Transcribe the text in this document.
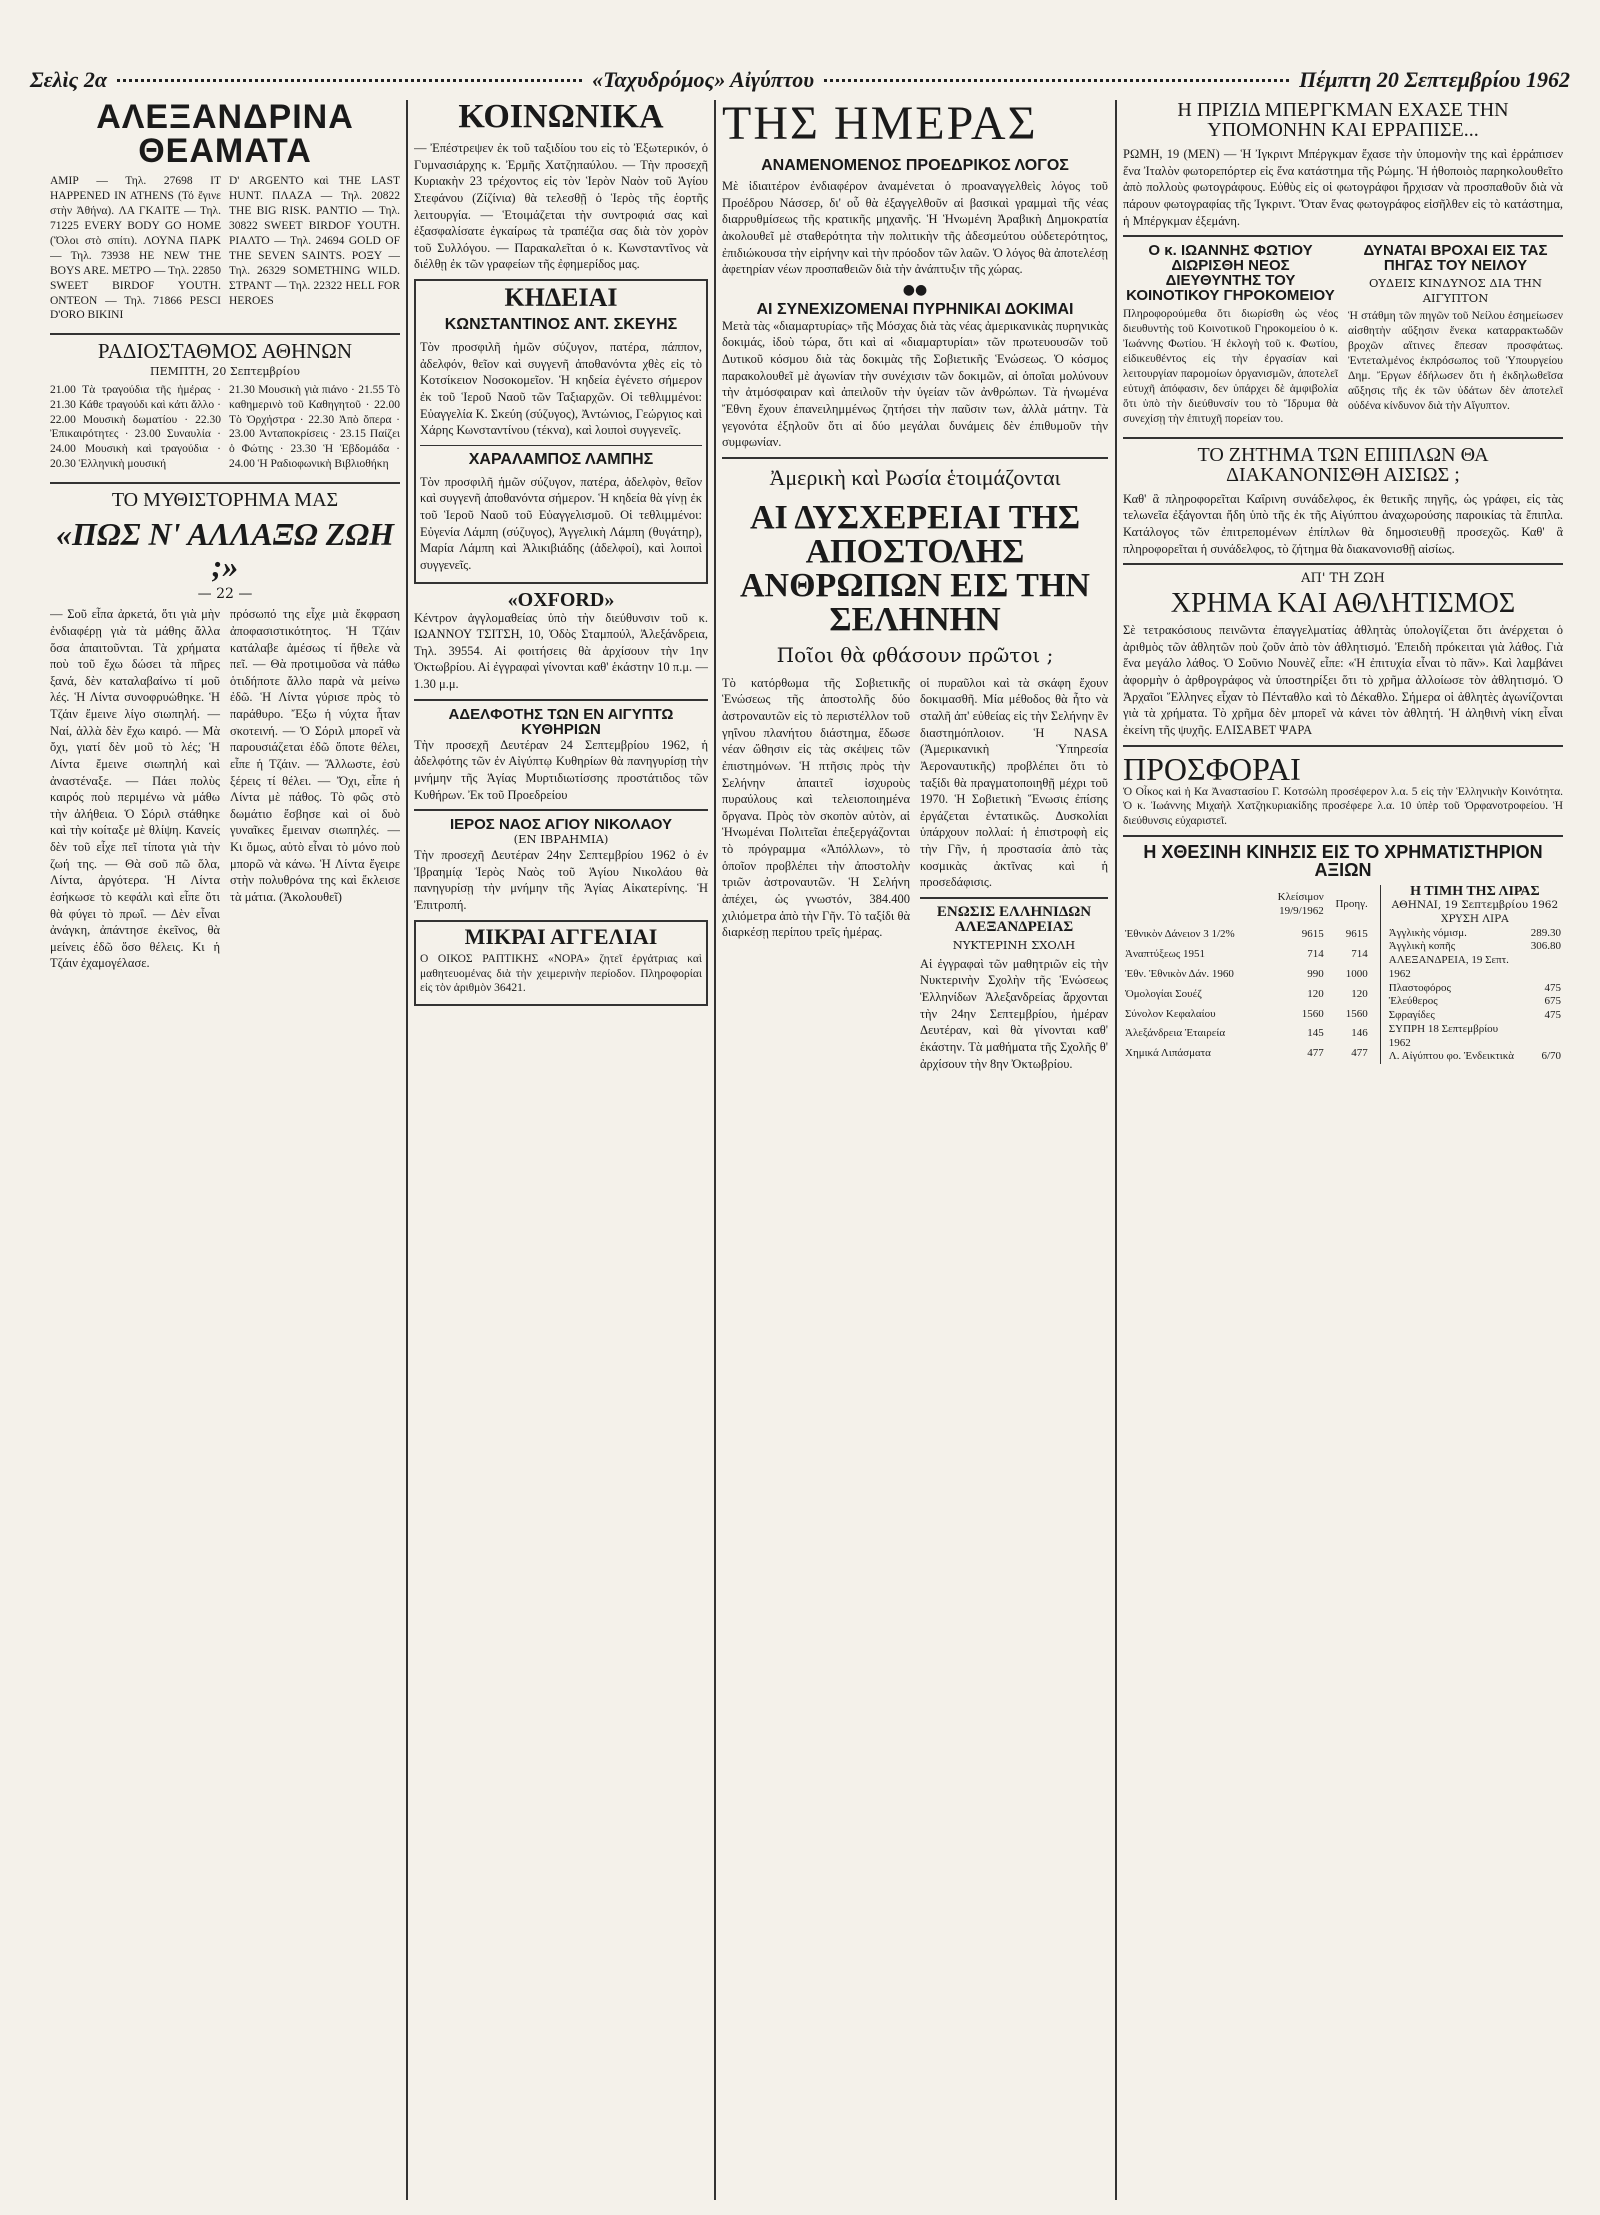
Σελὶς 2α	«Ταχυδρόμος» Αἰγύπτου	Πέμπτη 20 Σεπτεμβρίου 1962
ΑΛΕΞΑΝΔΡΙΝΑ ΘΕΑΜΑΤΑ

ΑΜΙΡ — Τηλ. 27698 IT HAPPENED IN ATHENS (Τό ἔγινε στὴν Ἀθήνα). ΛΑ ΓΚΑΙΤΕ — Τηλ. 71225 EVERY BODY GO HOME (Ὅλοι στὸ σπίτι). ΛΟΥΝΑ ΠΑΡΚ — Τηλ. 73938 HE NEW THE BOYS ARE. ΜΕΤΡΟ — Τηλ. 22850 SWEET BIRDOF YOUTH. ΟΝΤΕΟΝ — Τηλ. 71866 PESCI D'ORO BIKINI

D' ARGENTO καὶ THE LAST HUNT. ΠΛΑΖΑ — Τηλ. 20822 THE BIG RISK. ΡΑΝΤΙΟ — Τηλ. 30822 SWEET BIRDOF YOUTH. ΡΙΑΛΤΟ — Τηλ. 24694 GOLD OF THE SEVEN SAINTS. ΡΟΞΥ — Τηλ. 26329 SOMETHING WILD. ΣΤΡΑΝΤ — Τηλ. 22322 HELL FOR HEROES

ΡΑΔΙΟΣΤΑΘΜΟΣ ΑΘΗΝΩΝ
ΠΕΜΠΤΗ, 20 Σεπτεμβρίου

21.00 Τὰ τραγούδια τῆς ἡμέρας · 21.30 Κάθε τραγούδι καὶ κάτι ἄλλο · 22.00 Μουσικὴ δωματίου · 22.30 Ἐπικαιρότητες · 23.00 Συναυλία · 24.00 Μουσικὴ καὶ τραγούδια · 20.30 Ἑλληνικὴ μουσική

21.30 Μουσικὴ γιὰ πιάνο · 21.55 Τὸ καθημερινὸ τοῦ Καθηγητοῦ · 22.00 Τὸ Ὀρχήστρα · 22.30 Ἀπὸ ὅπερα · 23.00 Ἀνταποκρίσεις · 23.15 Παίζει ὁ Φώτης · 23.30 Ἡ Ἑβδομάδα · 24.00 Ἡ Ραδιοφωνικὴ Βιβλιοθήκη

ΤΟ ΜΥΘΙΣΤΟΡΗΜΑ ΜΑΣ
«ΠΩΣ Ν' ΑΛΛΑΞΩ ΖΩΗ ;»
— 22 —

— Σοῦ εἶπα ἀρκετά, ὅτι γιὰ μὴν ἐνδιαφέρῃ γιὰ τὰ μάθης ἄλλα ὅσα ἀπαιτοῦνται. Τὰ χρήματα ποὺ τοῦ ἔχω δώσει τὰ πῆρες ξανά, δὲν καταλαβαίνω τί μοῦ λές. Ἡ Λίντα συνοφρυώθηκε. Ἡ Τζάιν ἔμεινε λίγο σιωπηλή. — Ναί, ἀλλὰ δὲν ἔχω καιρό. — Μὰ ὄχι, γιατί δὲν μοῦ τὸ λές; Ἡ Λίντα ἔμεινε σιωπηλή καὶ ἀναστέναξε. — Πάει πολὺς καιρός ποὺ περιμένω νὰ μάθω τὴν ἀλήθεια. Ὁ Σόριλ στάθηκε καὶ τὴν κοίταξε μὲ θλίψη. Κανείς δὲν τοῦ εἶχε πεῖ τίποτα γιὰ τὴν ζωή της. — Θὰ σοῦ πῶ ὅλα, Λίντα, ἀργότερα. Ἡ Λίντα ἐσήκωσε τὸ κεφάλι καὶ εἶπε ὅτι θὰ φύγει τὸ πρωΐ. — Δὲν εἶναι ἀνάγκη, ἀπάντησε ἐκεῖνος, θὰ μείνεις ἐδῶ ὅσο θέλεις. Κι ἡ Τζάιν ἐχαμογέλασε.

πρόσωπό της εἶχε μιὰ ἔκφραση ἀποφασιστικότητος. Ἡ Τζάιν κατάλαβε ἀμέσως τί ἤθελε νὰ πεῖ. — Θὰ προτιμοῦσα νὰ πάθω ὁτιδήποτε ἄλλο παρὰ νὰ μείνω ἐδῶ. Ἡ Λίντα γύρισε πρὸς τὸ παράθυρο. Ἔξω ἡ νύχτα ἦταν σκοτεινή. — Ὁ Σόριλ μπορεῖ νὰ παρουσιάζεται ἐδῶ ὅποτε θέλει, εἶπε ἡ Τζάιν. — Ἄλλωστε, ἐσὺ ξέρεις τί θέλει. — Ὄχι, εἶπε ἡ Λίντα μὲ πάθος. Τὸ φῶς στὸ δωμάτιο ἔσβησε καὶ οἱ δυὸ γυναῖκες ἔμειναν σιωπηλές. — Κι ὅμως, αὐτὸ εἶναι τὸ μόνο ποὺ μπορῶ νὰ κάνω. Ἡ Λίντα ἔγειρε στὴν πολυθρόνα της καὶ ἔκλεισε τὰ μάτια. (Ἀκολουθεῖ)

ΚΟΙΝΩΝΙΚΑ

— Ἐπέστρεψεν ἐκ τοῦ ταξιδίου του εἰς τὸ Ἐξωτερικόν, ὁ Γυμνασιάρχης κ. Ἐρμῆς Χατζηπαύλου. — Τὴν προσεχῆ Κυριακὴν 23 τρέχοντος εἰς τὸν Ἱερὸν Ναὸν τοῦ Ἁγίου Στεφάνου (Ζίζίνια) θὰ τελεσθῇ ὁ Ἱερὸς τῆς ἑορτῆς λειτουργία. — Ἑτοιμάζεται τὴν συντροφιά σας καὶ ἐξασφαλίσατε ἐγκαίρως τὰ τραπέζια σας διὰ τὸν χορὸν τοῦ Συλλόγου. — Παρακαλεῖται ὁ κ. Κωνσταντῖνος νὰ διέλθῃ ἐκ τῶν γραφείων τῆς ἐφημερίδος μας.

ΚΗΔΕΙΑΙ
ΚΩΝΣΤΑΝΤΙΝΟΣ ΑΝΤ. ΣΚΕΥΗΣ

Τὸν προσφιλῆ ἡμῶν σύζυγον, πατέρα, πάππον, ἀδελφόν, θεῖον καὶ συγγενῆ ἀποθανόντα χθὲς εἰς τὸ Κοτσίκειον Νοσοκομεῖον. Ἡ κηδεία ἐγένετο σήμερον ἐκ τοῦ Ἱεροῦ Ναοῦ τῶν Ταξιαρχῶν. Οἱ τεθλιμμένοι: Εὐαγγελία Κ. Σκεύη (σύζυγος), Ἀντώνιος, Γεώργιος καὶ Χάρης Κωνσταντίνου (τέκνα), καὶ λοιποὶ συγγενεῖς.

ΧΑΡΑΛΑΜΠΟΣ ΛΑΜΠΗΣ

Τὸν προσφιλῆ ἡμῶν σύζυγον, πατέρα, ἀδελφὸν, θεῖον καὶ συγγενῆ ἀποθανόντα σήμερον. Ἡ κηδεία θὰ γίνῃ ἐκ τοῦ Ἱεροῦ Ναοῦ τοῦ Εὐαγγελισμοῦ. Οἱ τεθλιμμένοι: Εὐγενία Λάμπη (σύζυγος), Ἀγγελικὴ Λάμπη (θυγάτηρ), Μαρία Λάμπη καὶ Ἀλικιβιάδης (ἀδελφοί), καὶ λοιποὶ συγγενεῖς.

«OXFORD»

Κέντρον ἀγγλομαθείας ὑπὸ τὴν διεύθυνσιν τοῦ κ. ΙΩΑΝΝΟΥ ΤΣΙΤΣΗ, 10, Ὁδὸς Σταμπούλ, Ἀλεξάνδρεια, Τηλ. 39554. Αἱ φοιτήσεις θὰ ἀρχίσουν τὴν 1ην Ὀκτωβρίου. Αἱ ἐγγραφαὶ γίνονται καθ' ἑκάστην 10 π.μ. — 1.30 μ.μ.

ΑΔΕΛΦΟΤΗΣ ΤΩΝ ΕΝ ΑΙΓΥΠΤΩ ΚΥΘΗΡΙΩΝ

Τὴν προσεχῆ Δευτέραν 24 Σεπτεμβρίου 1962, ἡ ἀδελφότης τῶν ἐν Αἰγύπτῳ Κυθηρίων θὰ πανηγυρίσῃ τὴν μνήμην τῆς Ἁγίας Μυρτιδιωτίσσης προστάτιδος τῶν Κυθήρων. Ἐκ τοῦ Προεδρείου

ΙΕΡΟΣ ΝΑΟΣ ΑΓΙΟΥ ΝΙΚΟΛΑΟΥ
(ΕΝ ΙΒΡΑΗΜΙΑ)

Τὴν προσεχῆ Δευτέραν 24ην Σεπτεμβρίου 1962 ὁ ἐν Ἰβραημίᾳ Ἱερὸς Ναὸς τοῦ Ἁγίου Νικολάου θὰ πανηγυρίσῃ τὴν μνήμην τῆς Ἁγίας Αἰκατερίνης. Ἡ Ἐπιτροπή.

ΜΙΚΡΑΙ ΑΓΓΕΛΙΑΙ

Ο ΟΙΚΟΣ ΡΑΠΤΙΚΗΣ «ΝΟΡΑ» ζητεῖ ἐργάτριας καὶ μαθητευομένας διὰ τὴν χειμερινὴν περίοδον. Πληροφορίαι εἰς τὸν ἀριθμὸν 36421.

ΤΗΣ ΗΜΕΡΑΣ
ΑΝΑΜΕΝΟΜΕΝΟΣ ΠΡΟΕΔΡΙΚΟΣ ΛΟΓΟΣ

Μὲ ἰδιαιτέρον ἐνδιαφέρον ἀναμένεται ὁ προαναγγελθεὶς λόγος τοῦ Προέδρου Νάσσερ, δι' οὗ θὰ ἐξαγγελθοῦν αἱ βασικαὶ γραμμαὶ τῆς νέας διαρρυθμίσεως τῆς κρατικῆς μηχανῆς. Ἡ Ἡνωμένη Ἀραβικὴ Δημοκρατία ἀκολουθεῖ μὲ σταθερότητα τὴν πολιτικὴν τῆς ἀδεσμεύτου οὐδετερότητος, ἐπιδιώκουσα τὴν εἰρήνην καὶ τὴν πρόοδον τῶν λαῶν. Ὁ λόγος θὰ ἀποτελέσῃ ἀφετηρίαν νέων προσπαθειῶν διὰ τὴν ἀνάπτυξιν τῆς χώρας.

●●
ΑΙ ΣΥΝΕΧΙΖΟΜΕΝΑΙ ΠΥΡΗΝΙΚΑΙ ΔΟΚΙΜΑΙ

Μετὰ τὰς «διαμαρτυρίας» τῆς Μόσχας διὰ τὰς νέας ἀμερικανικὰς πυρηνικὰς δοκιμάς, ἰδοὺ τώρα, ὅτι καὶ αἱ «διαμαρτυρίαι» τῶν πρωτευουσῶν τοῦ Δυτικοῦ κόσμου διὰ τὰς δοκιμὰς τῆς Σοβιετικῆς Ἑνώσεως. Ὁ κόσμος παρακολουθεῖ μὲ ἀγωνίαν τὴν συνέχισιν τῶν δοκιμῶν, αἱ ὁποῖαι μολύνουν τὴν ἀτμόσφαιραν καὶ ἀπειλοῦν τὴν ὑγείαν τῶν ἀνθρώπων. Τὰ ἡνωμένα Ἔθνη ἔχουν ἐπανειλημμένως ζητήσει τὴν παῦσιν των, ἀλλὰ μάτην. Τὰ γεγονότα ἐξηλοῦν ὅτι αἱ δύο μεγάλαι δυνάμεις δὲν ἐπιθυμοῦν τὴν συμφωνίαν.

Ἀμερικὴ καὶ Ρωσία ἑτοιμάζονται
ΑΙ ΔΥΣΧΕΡΕΙΑΙ ΤΗΣ ΑΠΟΣΤΟΛΗΣ ΑΝΘΡΩΠΩΝ ΕΙΣ ΤΗΝ ΣΕΛΗΝΗΝ
Ποῖοι θὰ φθάσουν πρῶτοι ;

Τὸ κατόρθωμα τῆς Σοβιετικῆς Ἑνώσεως τῆς ἀποστολῆς δύο ἀστροναυτῶν εἰς τὸ περιστέλλον τοῦ γηΐνου πλανήτου διάστημα, ἔδωσε νέαν ὤθησιν εἰς τὰς σκέψεις τῶν ἐπιστημόνων. Ἡ πτῆσις πρὸς τὴν Σελήνην ἀπαιτεῖ ἰσχυροὺς πυραύλους καὶ τελειοποιημένα ὄργανα. Πρὸς τὸν σκοπὸν αὐτὸν, αἱ Ἡνωμέναι Πολιτεῖαι ἐπεξεργάζονται τὸ πρόγραμμα «Ἀπόλλων», τὸ ὁποῖον προβλέπει τὴν ἀποστολὴν τριῶν ἀστροναυτῶν. Ἡ Σελήνη ἀπέχει, ὡς γνωστόν, 384.400 χιλιόμετρα ἀπὸ τὴν Γῆν. Τὸ ταξίδι θὰ διαρκέσῃ περίπου τρεῖς ἡμέρας.

οἱ πυραῦλοι καὶ τὰ σκάφη ἔχουν δοκιμασθῆ. Μία μέθοδος θὰ ἦτο νὰ σταλῆ ἀπ' εὐθείας εἰς τὴν Σελήνην ἓν διαστημόπλοιον. Ἡ NASA (Ἀμερικανικὴ Ὑπηρεσία Ἀεροναυτικῆς) προβλέπει ὅτι τὸ ταξίδι θὰ πραγματοποιηθῇ μέχρι τοῦ 1970. Ἡ Σοβιετικὴ Ἕνωσις ἐπίσης ἐργάζεται ἐντατικῶς. Δυσκολίαι ὑπάρχουν πολλαί: ἡ ἐπιστροφὴ εἰς τὴν Γῆν, ἡ προστασία ἀπὸ τὰς κοσμικὰς ἀκτῖνας καὶ ἡ προσεδάφισις.

ΕΝΩΣΙΣ ΕΛΛΗΝΙΔΩΝ ΑΛΕΞΑΝΔΡΕΙΑΣ
ΝΥΚΤΕΡΙΝΗ ΣΧΟΛΗ

Αἱ ἐγγραφαὶ τῶν μαθητριῶν εἰς τὴν Νυκτερινὴν Σχολὴν τῆς Ἑνώσεως Ἑλληνίδων Ἀλεξανδρείας ἄρχονται τὴν 24ην Σεπτεμβρίου, ἡμέραν Δευτέραν, καὶ θὰ γίνονται καθ' ἑκάστην. Τὰ μαθήματα τῆς Σχολῆς θ' ἀρχίσουν τὴν 8ην Ὀκτωβρίου.

Η ΠΡΙΖΙΔ ΜΠΕΡΓΚΜΑΝ ΕΧΑΣΕ ΤΗΝ ΥΠΟΜΟΝΗΝ ΚΑΙ ΕΡΡΑΠΙΣΕ...

ΡΩΜΗ, 19 (ΜΕΝ) — Ἡ Ἰγκριντ Μπέργκμαν ἔχασε τὴν ὑπομονὴν της καὶ ἐρράπισεν ἕνα Ἰταλὸν φωτορεπόρτερ εἰς ἕνα κατάστημα τῆς Ρώμης. Ἡ ἠθοποιὸς παρηκολουθεῖτο ἀπὸ πολλοὺς φωτογράφους. Εὐθὺς εἰς οἱ φωτογράφοι ἤρχισαν νὰ προσπαθοῦν διὰ νὰ πάρουν φωτογραφίας τῆς Ἰγκριντ. Ὅταν ἕνας φωτογράφος εἰσῆλθεν εἰς τὸ κατάστημα, ἡ Μπέργκμαν ἐξεμάνη.

Ο κ. ΙΩΑΝΝΗΣ ΦΩΤΙΟΥ ΔΙΩΡΙΣΘΗ ΝΕΟΣ ΔΙΕΥΘΥΝΤΗΣ ΤΟΥ ΚΟΙΝΟΤΙΚΟΥ ΓΗΡΟΚΟΜΕΙΟΥ

Πληροφορούμεθα ὅτι διωρίσθη ὡς νέος διευθυντὴς τοῦ Κοινοτικοῦ Γηροκομείου ὁ κ. Ἰωάννης Φωτίου. Ἡ ἐκλογὴ τοῦ κ. Φωτίου, εἰδικευθέντος εἰς τὴν ἐργασίαν καὶ λειτουργίαν παρομοίων ὀργανισμῶν, ἀποτελεῖ εὐτυχῆ ἀπόφασιν, δεν ὑπάρχει δὲ ἀμφιβολία ὅτι ὑπὸ τὴν διεύθυνσίν του τὸ Ἵδρυμα θὰ συνεχίσῃ τὴν ἐπιτυχῆ πορείαν του.

ΔΥΝΑΤΑΙ ΒΡΟΧΑΙ ΕΙΣ ΤΑΣ ΠΗΓΑΣ ΤΟΥ ΝΕΙΛΟΥ
ΟΥΔΕΙΣ ΚΙΝΔΥΝΟΣ ΔΙΑ ΤΗΝ ΑΙΓΥΠΤΟΝ

Ἡ στάθμη τῶν πηγῶν τοῦ Νείλου ἐσημείωσεν αἰσθητὴν αὔξησιν ἕνεκα καταρρακτωδῶν βροχῶν αἵτινες ἔπεσαν προσφάτως. Ἐντεταλμένος ἐκπρόσωπος τοῦ Ὑπουργείου Δημ. Ἔργων ἐδήλωσεν ὅτι ἡ ἐκδηλωθεῖσα αὔξησις τῆς ἐκ τῶν ὑδάτων δὲν ἀποτελεῖ οὐδένα κίνδυνον διὰ τὴν Αἴγυπτον.

ΤΟ ΖΗΤΗΜΑ ΤΩΝ ΕΠΙΠΛΩΝ ΘΑ ΔΙΑΚΑΝΟΝΙΣΘΗ ΑΙΣΙΩΣ ;

Καθ' ἃ πληροφορεῖται Καΐρινη συνάδελφος, ἐκ θετικῆς πηγῆς, ὡς γράφει, εἰς τὰς τελωνεῖα ἐξάγονται ἤδη ὑπὸ τῆς ἐκ τῆς Αἰγύπτου ἀναχωρούσης παροικίας τὰ ἔπιπλα. Κατάλογος τῶν ἐπιτρεπομένων ἐπίπλων θὰ δημοσιευθῇ προσεχῶς. Καθ' ἃ πληροφορεῖται ἡ συνάδελφος, τὸ ζήτημα θὰ διακανονισθῇ αἰσίως.

ΑΠ' ΤΗ ΖΩΗ
ΧΡΗΜΑ ΚΑΙ ΑΘΛΗΤΙΣΜΟΣ

Σὲ τετρακόσιους πεινῶντα ἐπαγγελματίας ἀθλητὰς ὑπολογίζεται ὅτι ἀνέρχεται ὁ ἀριθμὸς τῶν ἀθλητῶν ποὺ ζοῦν ἀπὸ τὸν ἀθλητισμό. Ἐπειδὴ πρόκειται γιὰ λάθος. Γιὰ ἕνα μεγάλο λάθος. Ὁ Σοῦνιο Νουνὲζ εἶπε: «Ἡ ἐπιτυχία εἶναι τὸ πᾶν». Καὶ λαμβάνει ἀφορμὴν ὁ ἀρθρογράφος νὰ ὑποστηρίξει ὅτι τὸ χρῆμα ἀλλοίωσε τὸν ἀθλητισμό. Ὁ Ἀρχαῖοι Ἕλληνες εἶχαν τὸ Πένταθλο καὶ τὸ Δέκαθλο. Σήμερα οἱ ἀθλητὲς ἀγωνίζονται γιὰ τὰ χρήματα. Τὸ χρῆμα δὲν μπορεῖ νὰ κάνει τὸν ἀθλητή. Ἡ ἀληθινὴ νίκη εἶναι ἐκείνη τῆς ψυχῆς. ΕΛΙΣΑΒΕΤ ΨΑΡΑ

ΠΡΟΣΦΟΡΑΙ

Ὁ Οἶκος καὶ ἡ Κα Ἀναστασίου Γ. Κοτσώλη προσέφερον λ.α. 5 εἰς τὴν Ἑλληνικὴν Κοινότητα. Ὁ κ. Ἰωάννης Μιχαὴλ Χατζηκυριακίδης προσέφερε λ.α. 10 ὑπὲρ τοῦ Ὀρφανοτροφείου. Ἡ διεύθυνσις εὐχαριστεῖ.

Η ΧΘΕΣΙΝΗ ΚΙΝΗΣΙΣ ΕΙΣ ΤΟ ΧΡΗΜΑΤΙΣΤΗΡΙΟΝ ΑΞΙΩΝ
	Κλείσιμον 19/9/1962	Προηγ.
Ἐθνικὸν Δάνειον 3 1/2%	9615	9615
Ἀναπτύξεως 1951	714	714
Ἐθν. Ἐθνικὸν Δάν. 1960	990	1000
Ὁμολογίαι Σουέζ	120	120
Σύνολον Κεφαλαίου	1560	1560
Ἀλεξάνδρεια Ἐταιρεία	145	146
Χημικά Λιπάσματα	477	477
Η ΤΙΜΗ ΤΗΣ ΛΙΡΑΣ
ΑΘΗΝΑΙ, 19 Σεπτεμβρίου 1962 ΧΡΥΣΗ ΛΙΡΑ
Ἀγγλικὴς νόμισμ.	289.30
Ἀγγλικὴ κοπῆς	306.80
ΑΛΕΞΑΝΔΡΕΙΑ, 19 Σεπτ. 1962	
Πλαστοφόρος	475
Ἐλεύθερος	675
Σφραγίδες	475
ΣΥΠΡΗ 18 Σεπτεμβρίου 1962	
Λ. Αἰγύπτου φο. Ἐνδεικτικὰ	6/70
